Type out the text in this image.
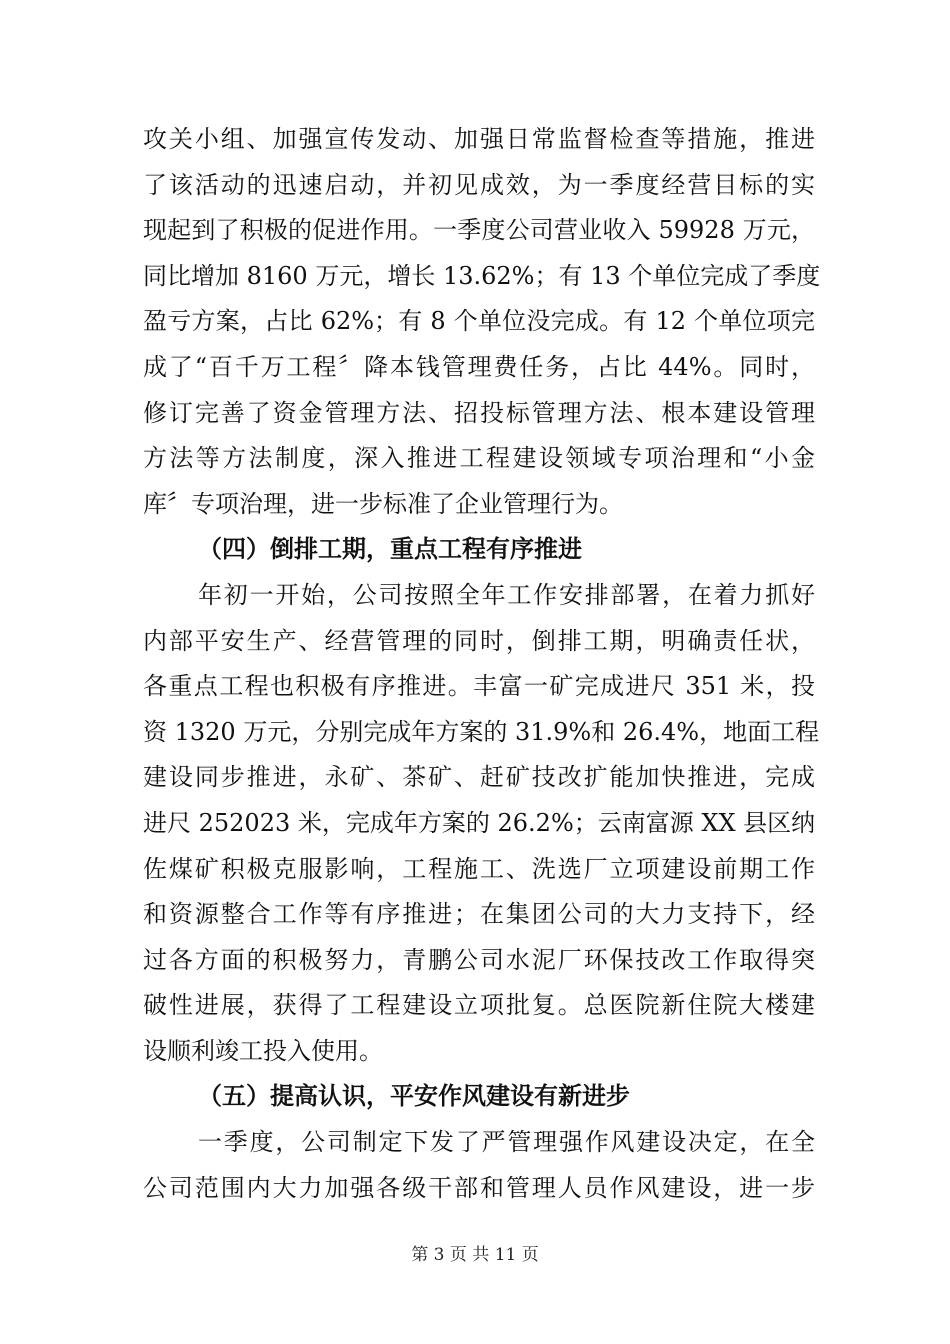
攻关小组、加强宣传发动、加强日常监督检查等措施，推进
了该活动的迅速启动，并初见成效，为一季度经营目标的实
现起到了积极的促进作用。一季度公司营业收入 59928 万元，
同比增加 8160 万元，增长 13.62%；有 13 个单位完成了季度
盈亏方案，占比 62%；有 8 个单位没完成。有 12 个单位项完
成了“百千万工程〞降本钱管理费任务，占比 44%。同时，
修订完善了资金管理方法、招投标管理方法、根本建设管理
方法等方法制度，深入推进工程建设领域专项治理和“小金
库〞专项治理，进一步标准了企业管理行为。
（四）倒排工期，重点工程有序推进
年初一开始，公司按照全年工作安排部署，在着力抓好
内部平安生产、经营管理的同时，倒排工期，明确责任状，
各重点工程也积极有序推进。丰富一矿完成进尺 351 米，投
资 1320 万元，分别完成年方案的 31.9%和 26.4%，地面工程
建设同步推进，永矿、茶矿、赶矿技改扩能加快推进，完成
进尺 252023 米，完成年方案的 26.2%；云南富源 XX 县区纳
佐煤矿积极克服影响，工程施工、洗选厂立项建设前期工作
和资源整合工作等有序推进；在集团公司的大力支持下，经
过各方面的积极努力，青鹏公司水泥厂环保技改工作取得突
破性进展，获得了工程建设立项批复。总医院新住院大楼建
设顺利竣工投入使用。
（五）提高认识，平安作风建设有新进步
一季度，公司制定下发了严管理强作风建设决定，在全
公司范围内大力加强各级干部和管理人员作风建设，进一步
第 3 页 共 11 页
